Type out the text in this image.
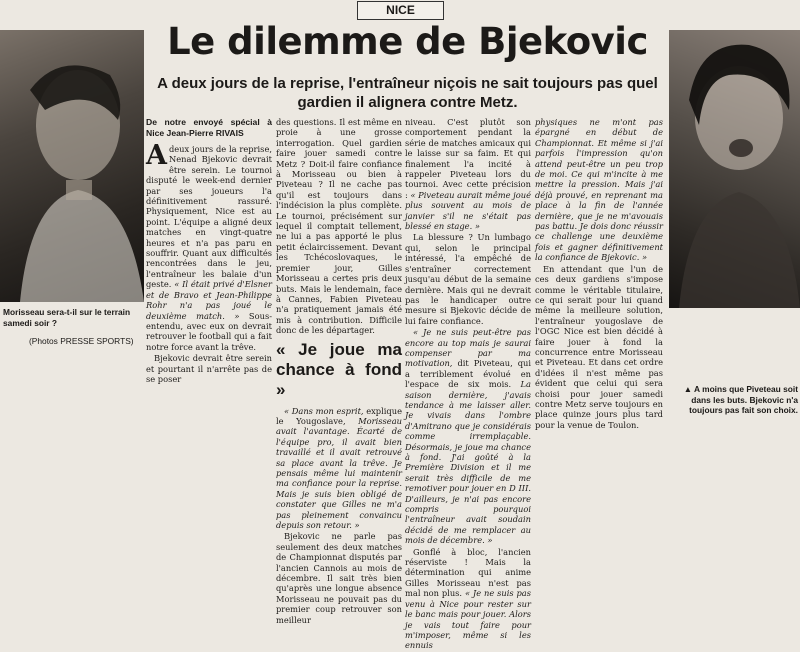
NICE
Le dilemme de Bjekovic

A deux jours de la reprise, l'entraîneur niçois ne sait toujours pas quel gardien il alignera contre Metz.

De notre envoyé spécial à Nice Jean-Pierre RIVAIS

Adeux jours de la reprise, Nenad Bjekovic devrait être serein. Le tournoi disputé le week-end dernier par ses joueurs l'a définitivement rassuré. Physiquement, Nice est au point. L'équipe a aligné deux matches en vingt-quatre heures et n'a pas paru en souffrir. Quant aux difficultés rencontrées dans le jeu, l'entraîneur les balaie d'un geste. « Il était privé d'Elsner et de Bravo et Jean-Philippe Rohr n'a pas joué le deuxième match. » Sous-entendu, avec eux on devrait retrouver le football qui a fait notre force avant la trêve.

Bjekovic devrait être serein et pourtant il n'arrête pas de se poser

des questions. Il est même en proie à une grosse interrogation. Quel gardien faire jouer samedi contre Metz ? Doit-il faire confiance à Morisseau ou bien à Piveteau ? Il ne cache pas qu'il est toujours dans l'indécision la plus complète. Le tournoi, précisément sur lequel il comptait tellement, ne lui a pas apporté le plus petit éclaircissement. Devant les Tchécoslovaques, le premier jour, Gilles Morisseau a certes pris deux buts. Mais le lendemain, face à Cannes, Fabien Piveteau n'a pratiquement jamais été mis à contribution. Difficile donc de les départager.

« Je joue ma chance à fond »

« Dans mon esprit, explique le Yougoslave, Morisseau avait l'avantage. Écarté de l'équipe pro, il avait bien travaillé et il avait retrouvé sa place avant la trêve. Je pensais même lui maintenir ma confiance pour la reprise. Mais je suis bien obligé de constater que Gilles ne m'a pas pleinement convaincu depuis son retour. »

Bjekovic ne parle pas seulement des deux matches de Championnat disputés par l'ancien Cannois au mois de décembre. Il sait très bien qu'après une longue absence Morisseau ne pouvait pas du premier coup retrouver son meilleur

niveau. C'est plutôt son comportement pendant la série de matches amicaux qui le laisse sur sa faim. Et qui finalement l'a incité à rappeler Piveteau lors du tournoi. Avec cette précision : « Piveteau aurait même joué plus souvent au mois de janvier s'il ne s'était pas blessé en stage. »

La blessure ? Un lumbago qui, selon le principal intéressé, l'a empêché de s'entraîner correctement jusqu'au début de la semaine dernière. Mais qui ne devrait pas le handicaper outre mesure si Bjekovic décide de lui faire confiance.

« Je ne suis peut-être pas encore au top mais je saurai compenser par ma motivation, dit Piveteau, qui a terriblement évolué en l'espace de six mois. La saison dernière, j'avais tendance à me laisser aller. Je vivais dans l'ombre d'Amitrano que je considérais comme irremplaçable. Désormais, je joue ma chance à fond. J'ai goûté à la Première Division et il me serait très difficile de me remotiver pour jouer en D III. D'ailleurs, je n'ai pas encore compris pourquoi l'entraîneur avait soudain décidé de me remplacer au mois de décembre. »

Gonflé à bloc, l'ancien réserviste ! Mais la détermination qui anime Gilles Morisseau n'est pas mal non plus. « Je ne suis pas venu à Nice pour rester sur le banc mais pour jouer. Alors je vais tout faire pour m'imposer, même si les ennuis

physiques ne m'ont pas épargné en début de Championnat. Et même si j'ai parfois l'impression qu'on attend peut-être un peu trop de moi. Ce qui m'incite à me mettre la pression. Mais j'ai déjà prouvé, en reprenant ma place à la fin de l'année dernière, que je ne m'avouais pas battu. Je dois donc réussir ce challenge une deuxième fois et gagner définitivement la confiance de Bjekovic. »

En attendant que l'un de ces deux gardiens s'impose comme le véritable titulaire, ce qui serait pour lui quand même la meilleure solution, l'entraîneur yougoslave de l'OGC Nice est bien décidé à faire jouer à fond la concurrence entre Morisseau et Piveteau. Et dans cet ordre d'idées il n'est même pas évident que celui qui sera choisi pour jouer samedi contre Metz serve toujours en place quinze jours plus tard pour la venue de Toulon.

Morisseau sera-t-il sur le terrain samedi soir ?
(Photos PRESSE SPORTS)
▲ A moins que Piveteau soit dans les buts. Bjekovic n'a toujours pas fait son choix.
